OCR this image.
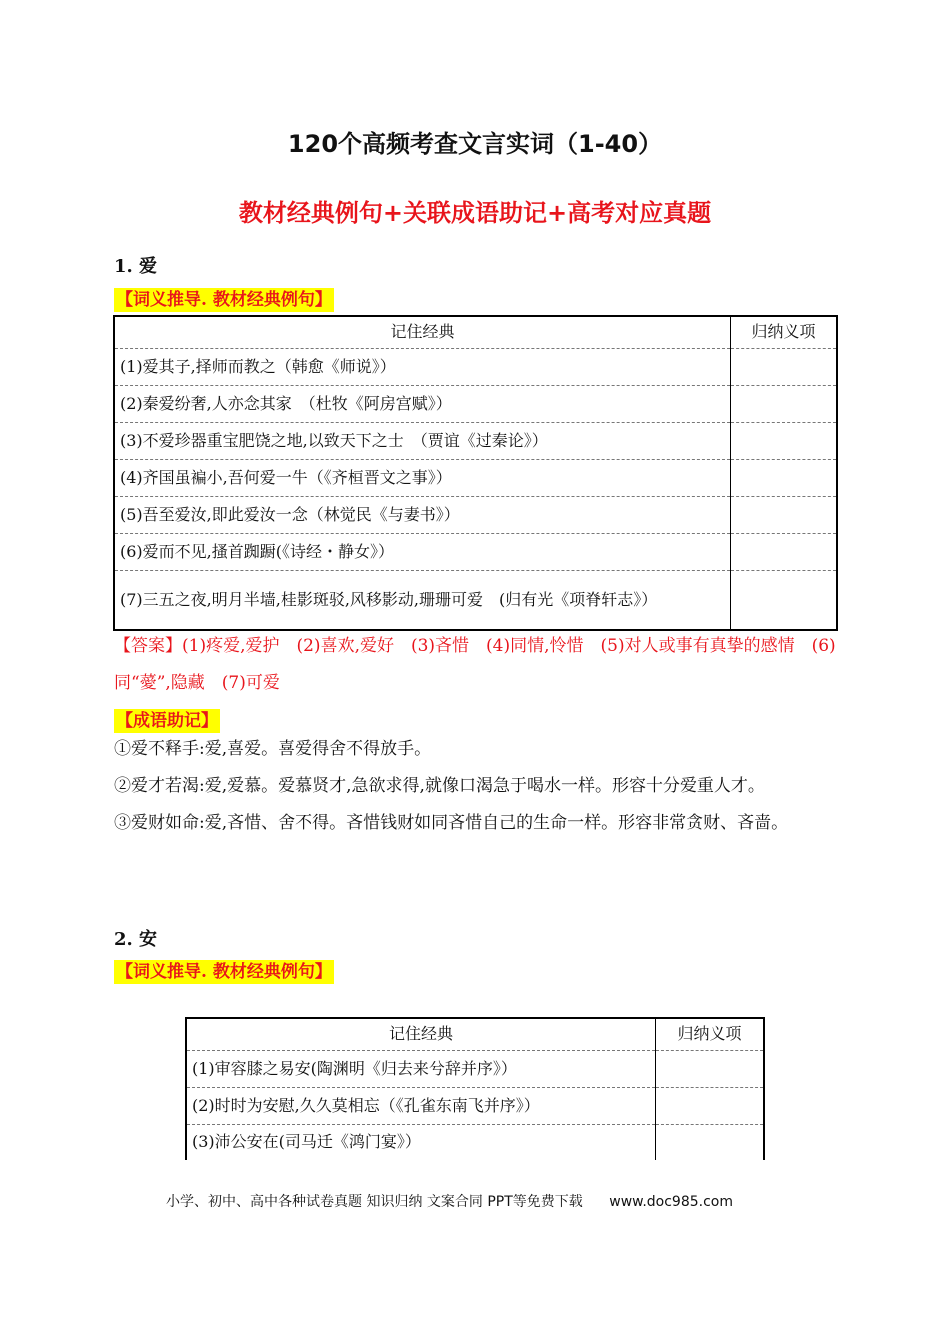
120个高频考查文言实词（1-40）
教材经典例句+关联成语助记+高考对应真题
1. 爱
【词义推导. 教材经典例句】
记住经典	归纳义项
(1)爱其子,择师而教之（韩愈《师说》）	
(2)秦爱纷奢,人亦念其家　（杜牧《阿房宫赋》）	
(3)不爱珍器重宝肥饶之地,以致天下之士　（贾谊《过秦论》）	
(4)齐国虽褊小,吾何爱一牛（《齐桓晋文之事》）	
(5)吾至爱汝,即此爱汝一念（林觉民《与妻书》）	
(6)爱而不见,搔首踟蹰(《诗经・静女》）	
(7)三五之夜,明月半墙,桂影斑驳,风移影动,珊珊可爱　(归有光《项脊轩志》）	
【答案】(1)疼爱,爱护　(2)喜欢,爱好　(3)吝惜　(4)同情,怜惜　(5)对人或事有真挚的感情　(6)同“薆”,隐藏　(7)可爱
【成语助记】
①爱不释手:爱,喜爱。喜爱得舍不得放手。
②爱才若渴:爱,爱慕。爱慕贤才,急欲求得,就像口渴急于喝水一样。形容十分爱重人才。
③爱财如命:爱,吝惜、舍不得。吝惜钱财如同吝惜自己的生命一样。形容非常贪财、吝啬。
2. 安
【词义推导. 教材经典例句】
记住经典	归纳义项
(1)审容膝之易安(陶渊明《归去来兮辞并序》）	
(2)时时为安慰,久久莫相忘（《孔雀东南飞并序》）	
(3)沛公安在(司马迁《鸿门宴》）	
小学、初中、高中各种试卷真题 知识归纳 文案合同 PPT等免费下载 www.doc985.com
